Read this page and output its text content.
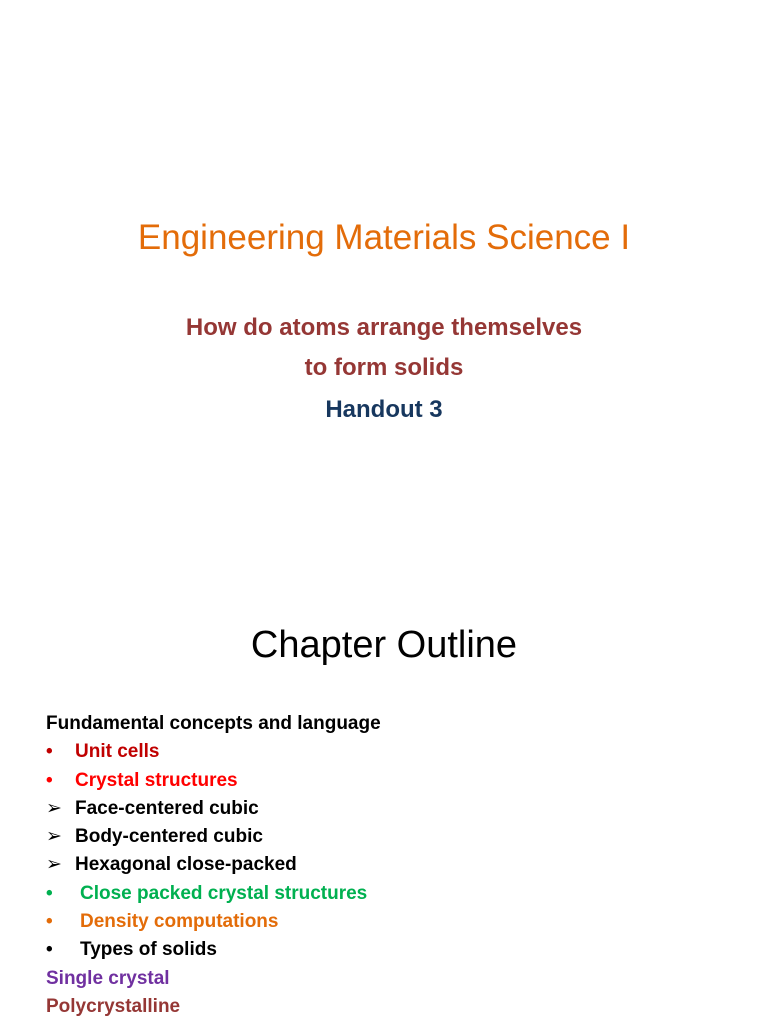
Engineering Materials Science I
How do atoms arrange themselves
to form solids
Handout 3
Chapter Outline
Fundamental concepts and language
•	Unit cells
•	Crystal structures
➢ Face-centered cubic
➢ Body-centered cubic
➢ Hexagonal close-packed
•	Close packed crystal structures
•	Density computations
•	Types of solids
Single crystal
Polycrystalline
